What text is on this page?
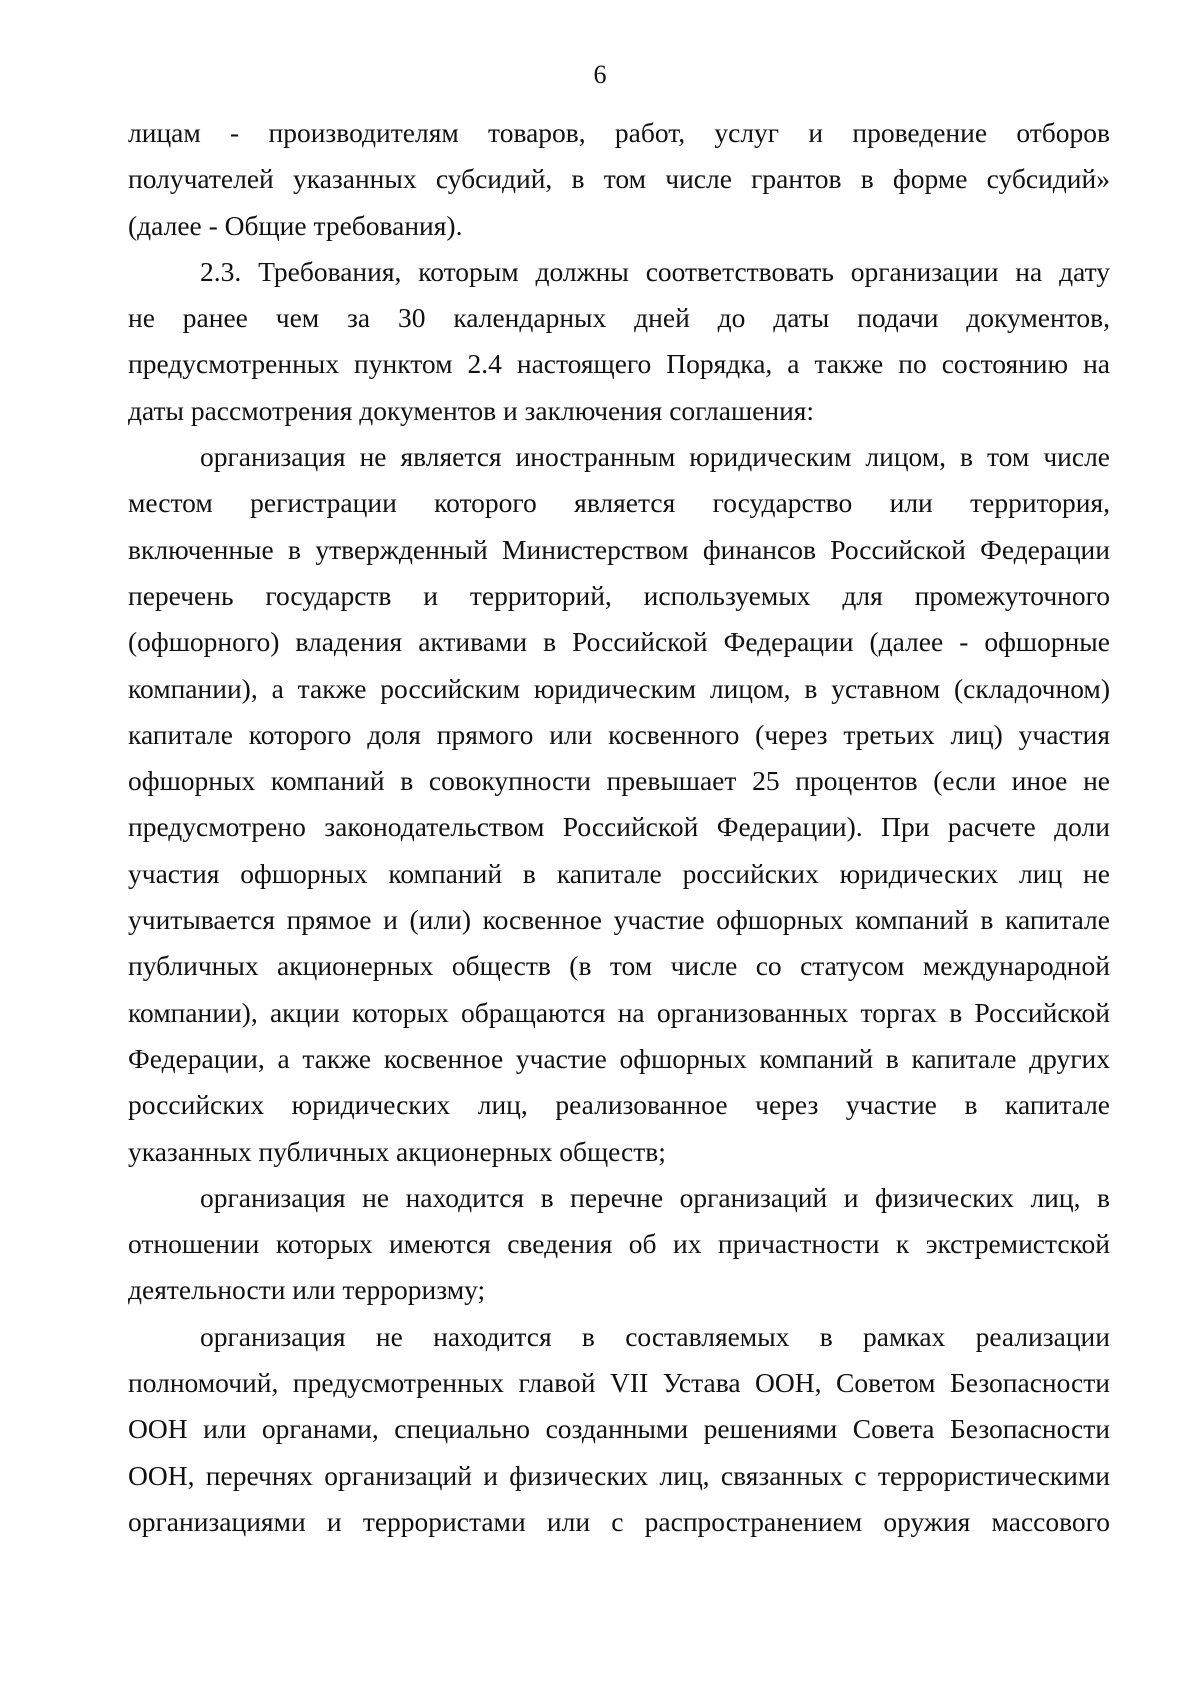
6
лицам - производителям товаров, работ, услуг и проведение отборов
получателей указанных субсидий, в том числе грантов в форме субсидий»
(далее - Общие требования).
2.3. Требования, которым должны соответствовать организации на дату
не ранее чем за 30 календарных дней до даты подачи документов,
предусмотренных пунктом 2.4 настоящего Порядка, а также по состоянию на
даты рассмотрения документов и заключения соглашения:
организация не является иностранным юридическим лицом, в том числе
местом регистрации которого является государство или территория,
включенные в утвержденный Министерством финансов Российской Федерации
перечень государств и территорий, используемых для промежуточного
(офшорного) владения активами в Российской Федерации (далее - офшорные
компании), а также российским юридическим лицом, в уставном (складочном)
капитале которого доля прямого или косвенного (через третьих лиц) участия
офшорных компаний в совокупности превышает 25 процентов (если иное не
предусмотрено законодательством Российской Федерации). При расчете доли
участия офшорных компаний в капитале российских юридических лиц не
учитывается прямое и (или) косвенное участие офшорных компаний в капитале
публичных акционерных обществ (в том числе со статусом международной
компании), акции которых обращаются на организованных торгах в Российской
Федерации, а также косвенное участие офшорных компаний в капитале других
российских юридических лиц, реализованное через участие в капитале
указанных публичных акционерных обществ;
организация не находится в перечне организаций и физических лиц, в
отношении которых имеются сведения об их причастности к экстремистской
деятельности или терроризму;
организация не находится в составляемых в рамках реализации
полномочий, предусмотренных главой VII Устава ООН, Советом Безопасности
ООН или органами, специально созданными решениями Совета Безопасности
ООН, перечнях организаций и физических лиц, связанных с террористическими
организациями и террористами или с распространением оружия массового
